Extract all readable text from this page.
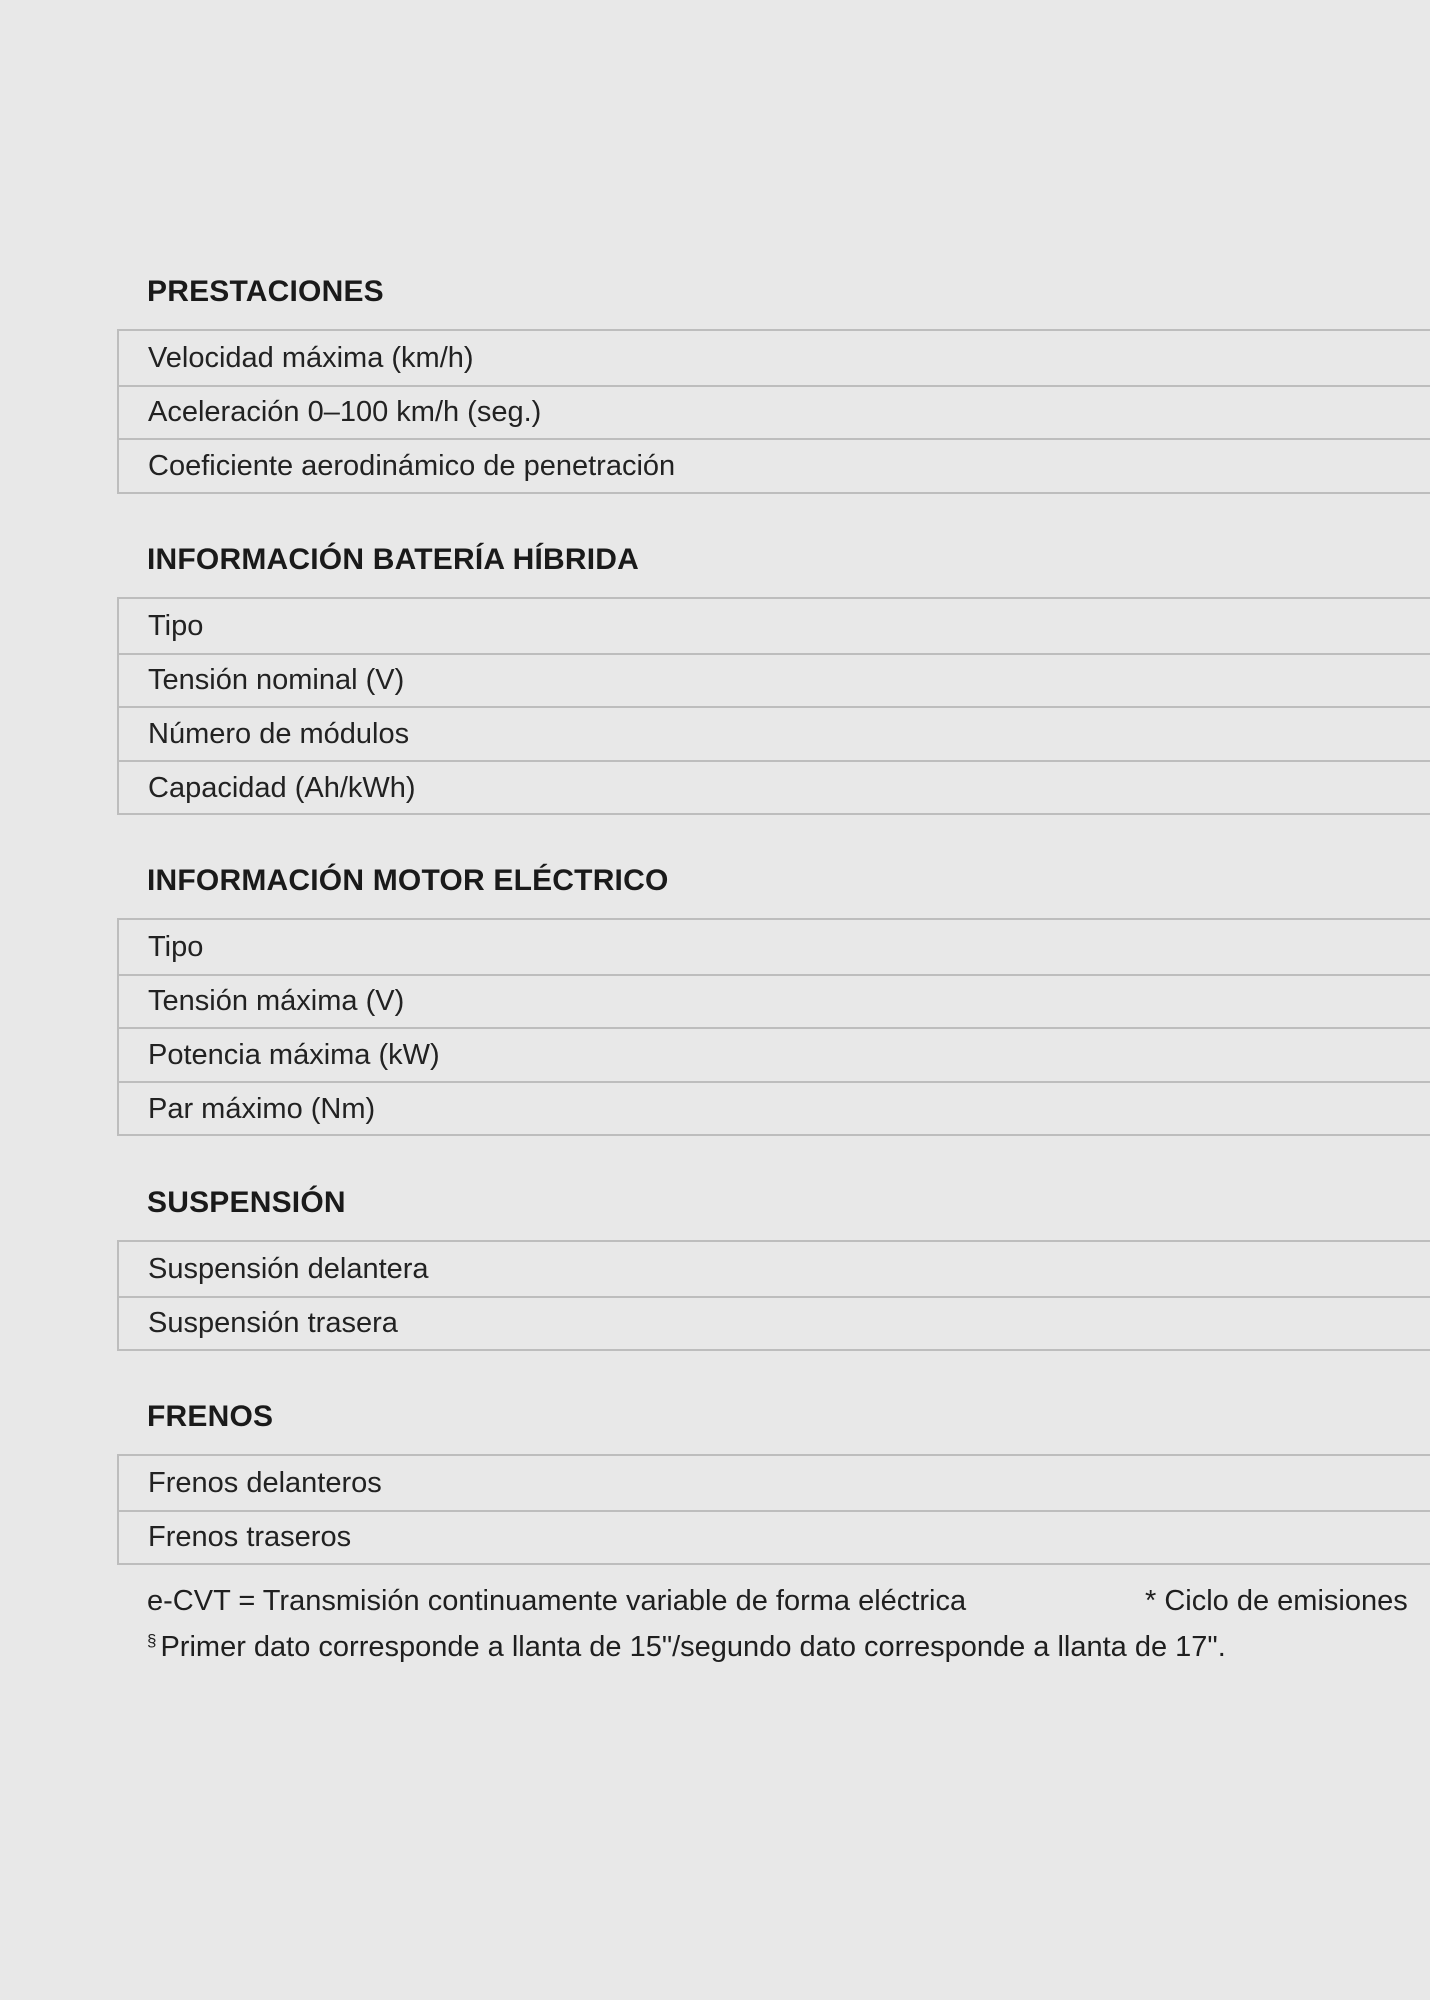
PRESTACIONES
Velocidad máxima (km/h)
Aceleración 0–100 km/h (seg.)
Coeficiente aerodinámico de penetración
INFORMACIÓN BATERÍA HÍBRIDA
Tipo
Tensión nominal (V)
Número de módulos
Capacidad (Ah/kWh)
INFORMACIÓN MOTOR ELÉCTRICO
Tipo
Tensión máxima (V)
Potencia máxima (kW)
Par máximo (Nm)
SUSPENSIÓN
Suspensión delantera
Suspensión trasera
FRENOS
Frenos delanteros
Frenos traseros
e-CVT = Transmisión continuamente variable de forma eléctrica	* Ciclo de emisiones
§ Primer dato corresponde a llanta de 15"/segundo dato corresponde a llanta de 17".
